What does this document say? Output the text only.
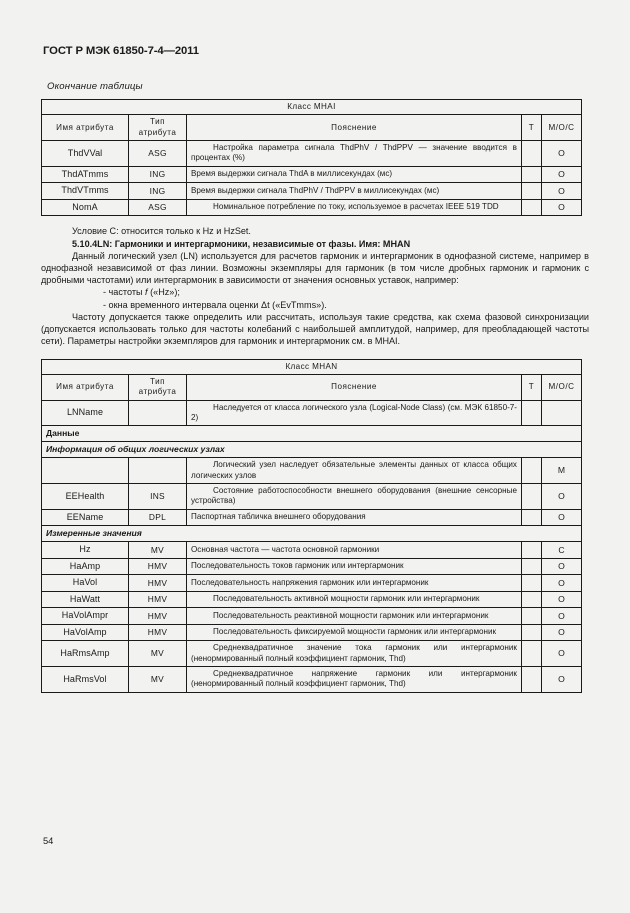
ГОСТ Р МЭК 61850-7-4—2011
Окончание таблицы
Класс MHAI				
Имя атрибута	Тип атрибута	Пояснение	Т	М/О/С
ThdVVal	ASG	Настройка параметра сигнала ThdPhV / ThdPPV — значение вводится в процентах (%)		О
ThdATmms	ING	Время выдержки сигнала ThdA в миллисекундах (мс)		О
ThdVTmms	ING	Время выдержки сигнала ThdPhV / ThdPPV в миллисекундах (мс)		О
NomA	ASG	Номинальное потребление по току, используемое в расчетах IEEE 519 TDD		О

Условие С: относится только к Hz и HzSet.

5.10.4LN: Гармоники и интергармоники, независимые от фазы. Имя: MHAN

Данный логический узел (LN) используется для расчетов гармоник и интергармоник в однофазной системе, например в однофазной независимой от фаз линии. Возможны экземпляры для гармоник (в том числе дробных гармоник и гармоник с дробными частотами) или интергармоник в зависимости от значения основных уставок, например:

- частоты f («Hz»);

- окна временного интервала оценки Δt («EvTmms»).

Частоту допускается также определить или рассчитать, используя такие средства, как схема фазовой синхронизации (допускается использовать только для частоты колебаний с наибольшей амплитудой, например, для преобладающей частоты сети). Параметры настройки экземпляров для гармоник и интергармоник см. в MHAI.

Класс MHAN				
Имя атрибута	Тип атрибута	Пояснение	Т	М/О/С
LNName		Наследуется от класса логического узла (Logical-Node Class) (см. МЭК 61850-7-2)		
Данные				
Информация об общих логических узлах				
		Логический узел наследует обязательные элементы данных от класса общих логических узлов		М
EEHealth	INS	Состояние работоспособности внешнего оборудования (внешние сенсорные устройства)		О
EEName	DPL	Паспортная табличка внешнего оборудования		О
Измеренные значения				
Hz	MV	Основная частота — частота основной гармоники		С
HaAmp	HMV	Последовательность токов гармоник или интергармоник		О
HaVol	HMV	Последовательность напряжения гармоник или интергармоник		О
HaWatt	HMV	Последовательность активной мощности гармоник или интергармоник		О
HaVolAmpr	HMV	Последовательность реактивной мощности гармоник или интергармоник		О
HaVolAmp	HMV	Последовательность фиксируемой мощности гармоник или интергармоник		О
HaRmsAmp	MV	Среднеквадратичное значение тока гармоник или интергармоник (ненормированный полный коэффициент гармоник, Thd)		О
HaRmsVol	MV	Среднеквадратичное напряжение гармоник или интергармоник (ненормированный полный коэффициент гармоник, Thd)		О
54
